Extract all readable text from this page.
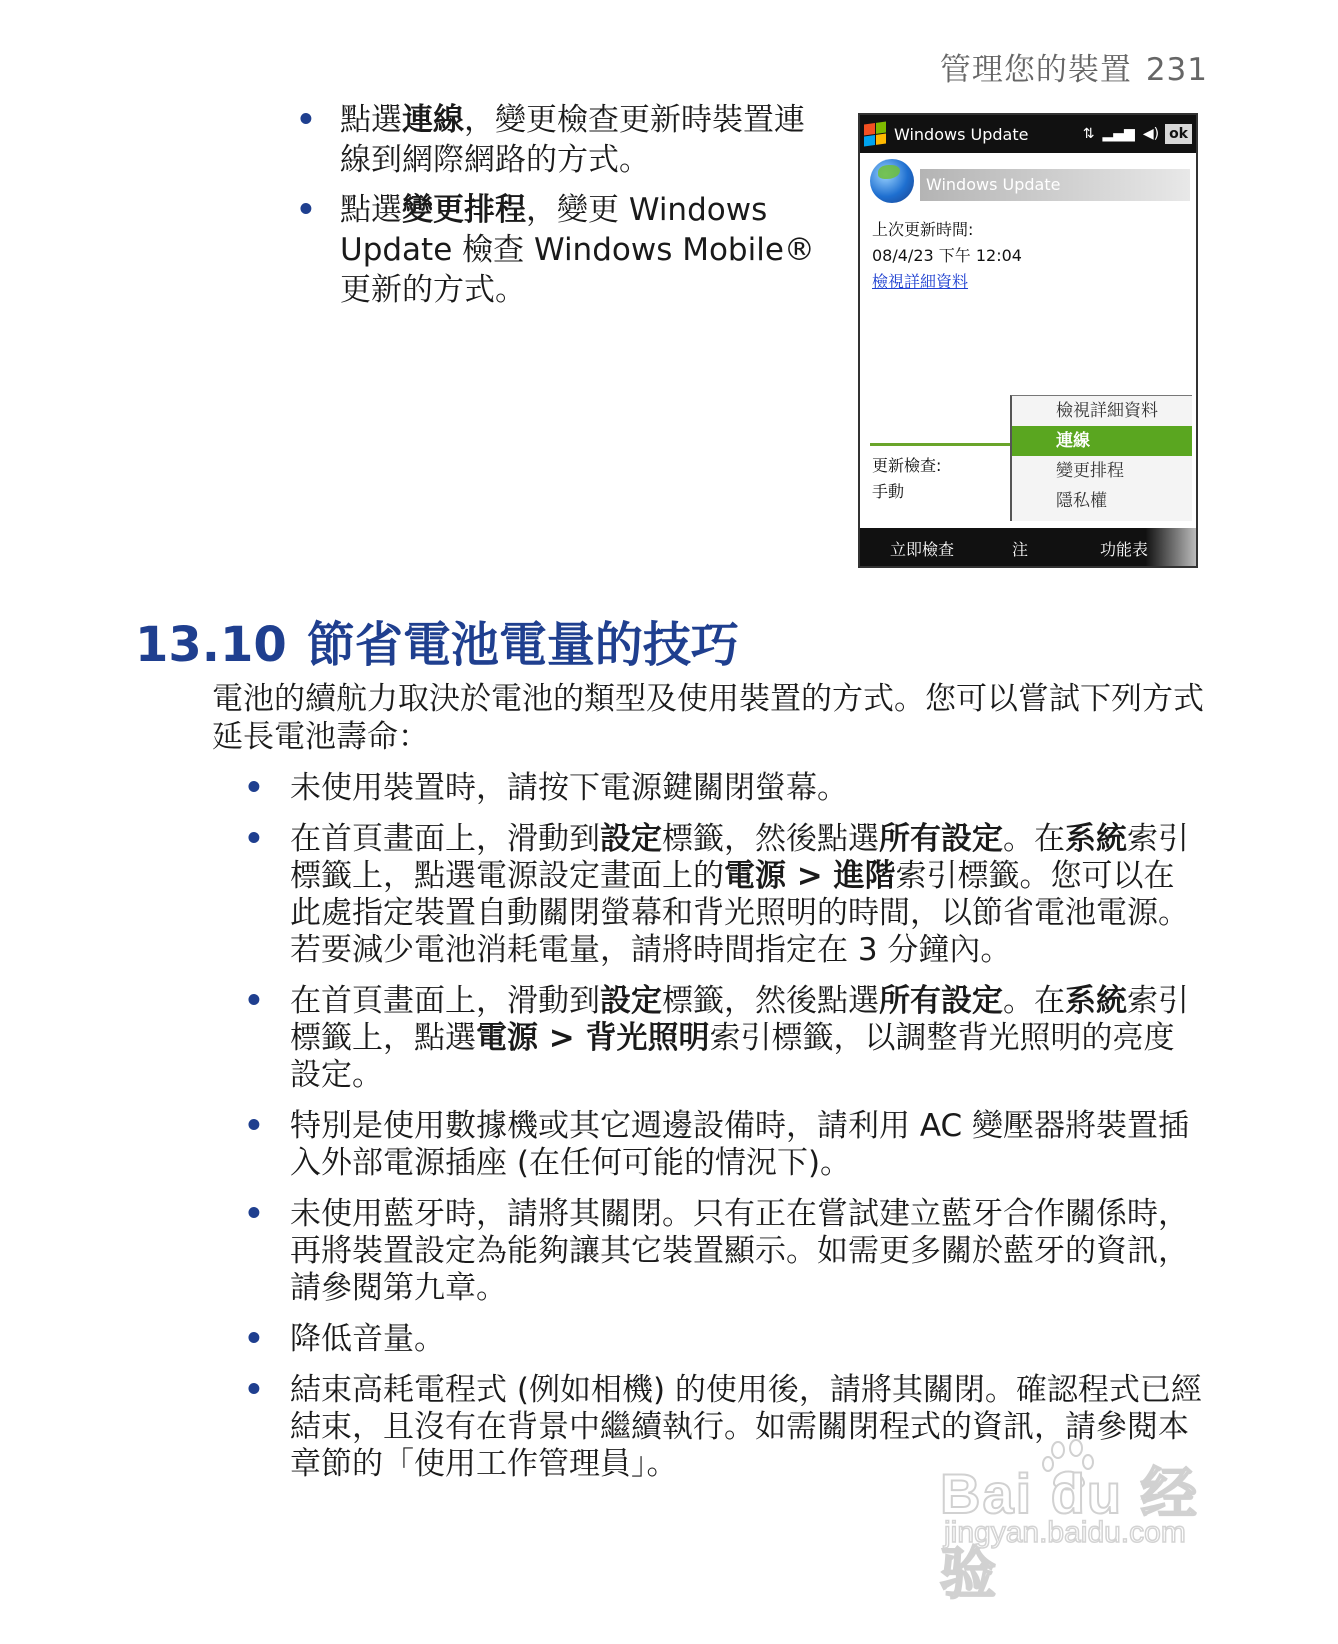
管理您的裝置 231
• 點選連線，變更檢查更新時裝置連線到網際網路的方式。
• 點選變更排程，變更 Windows Update 檢查 Windows Mobile® 更新的方式。
Windows Update	⇅ ▂▄▆ ◀) ok
Windows Update
上次更新時間:
08/4/23 下午 12:04
檢視詳細資料
更新檢查:
手動
檢視詳細資料
連線
變更排程
隱私權
立即檢查	注	功能表
13.10 節省電池電量的技巧

電池的續航力取決於電池的類型及使用裝置的方式。您可以嘗試下列方式延長電池壽命：

• 未使用裝置時，請按下電源鍵關閉螢幕。
• 在首頁畫面上，滑動到設定標籤，然後點選所有設定。在系統索引標籤上，點選電源設定畫面上的電源 > 進階索引標籤。您可以在此處指定裝置自動關閉螢幕和背光照明的時間，以節省電池電源。若要減少電池消耗電量，請將時間指定在 3 分鐘內。
• 在首頁畫面上，滑動到設定標籤，然後點選所有設定。在系統索引標籤上，點選電源 > 背光照明索引標籤，以調整背光照明的亮度設定。
• 特別是使用數據機或其它週邊設備時，請利用 AC 變壓器將裝置插入外部電源插座 (在任何可能的情況下)。
• 未使用藍牙時，請將其關閉。只有正在嘗試建立藍牙合作關係時，再將裝置設定為能夠讓其它裝置顯示。如需更多關於藍牙的資訊，請參閱第九章。
• 降低音量。
• 結束高耗電程式 (例如相機) 的使用後，請將其關閉。確認程式已經結束，且沒有在背景中繼續執行。如需關閉程式的資訊，請參閱本章節的「使用工作管理員」。	Bai du 经验
jingyan.baidu.com
